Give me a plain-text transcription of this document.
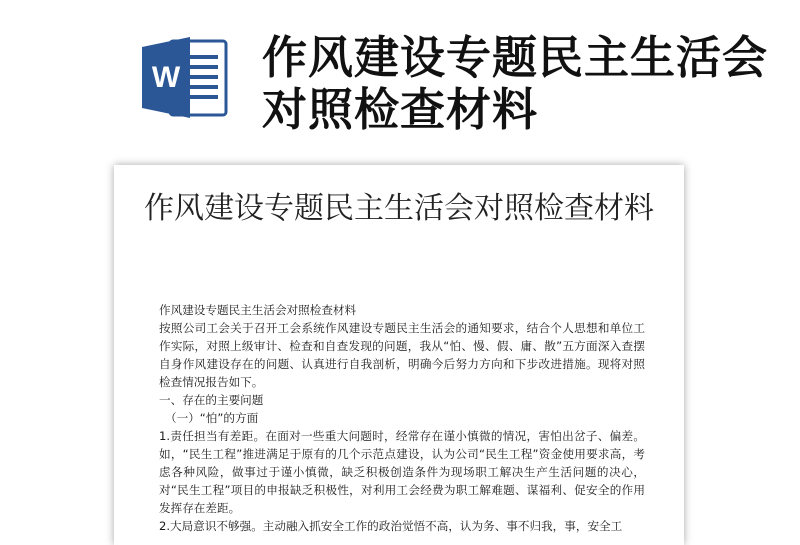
W 作风建设专题民主生活会对照检查材料
作风建设专题民主生活会对照检查材料

作风建设专题民主生活会对照检查材料

按照公司工会关于召开工会系统作风建设专题民主生活会的通知要求，结合个人思想和单位工作实际，对照上级审计、检查和自查发现的问题，我从“怕、慢、假、庸、散”五方面深入查摆自身作风建设存在的问题、认真进行自我剖析，明确今后努力方向和下步改进措施。现将对照检查情况报告如下。

一、存在的主要问题

（一）“怕”的方面

1.责任担当有差距。在面对一些重大问题时，经常存在谨小慎微的情况，害怕出岔子、偏差。如，“民生工程”推进满足于原有的几个示范点建设，认为公司“民生工程”资金使用要求高，考虑各种风险，做事过于谨小慎微，缺乏积极创造条件为现场职工解决生产生活问题的决心，对“民生工程”项目的申报缺乏积极性，对利用工会经费为职工解难题、谋福利、促安全的作用发挥存在差距。

2.大局意识不够强。主动融入抓安全工作的政治觉悟不高，认为务、事不归我，事，安全工
